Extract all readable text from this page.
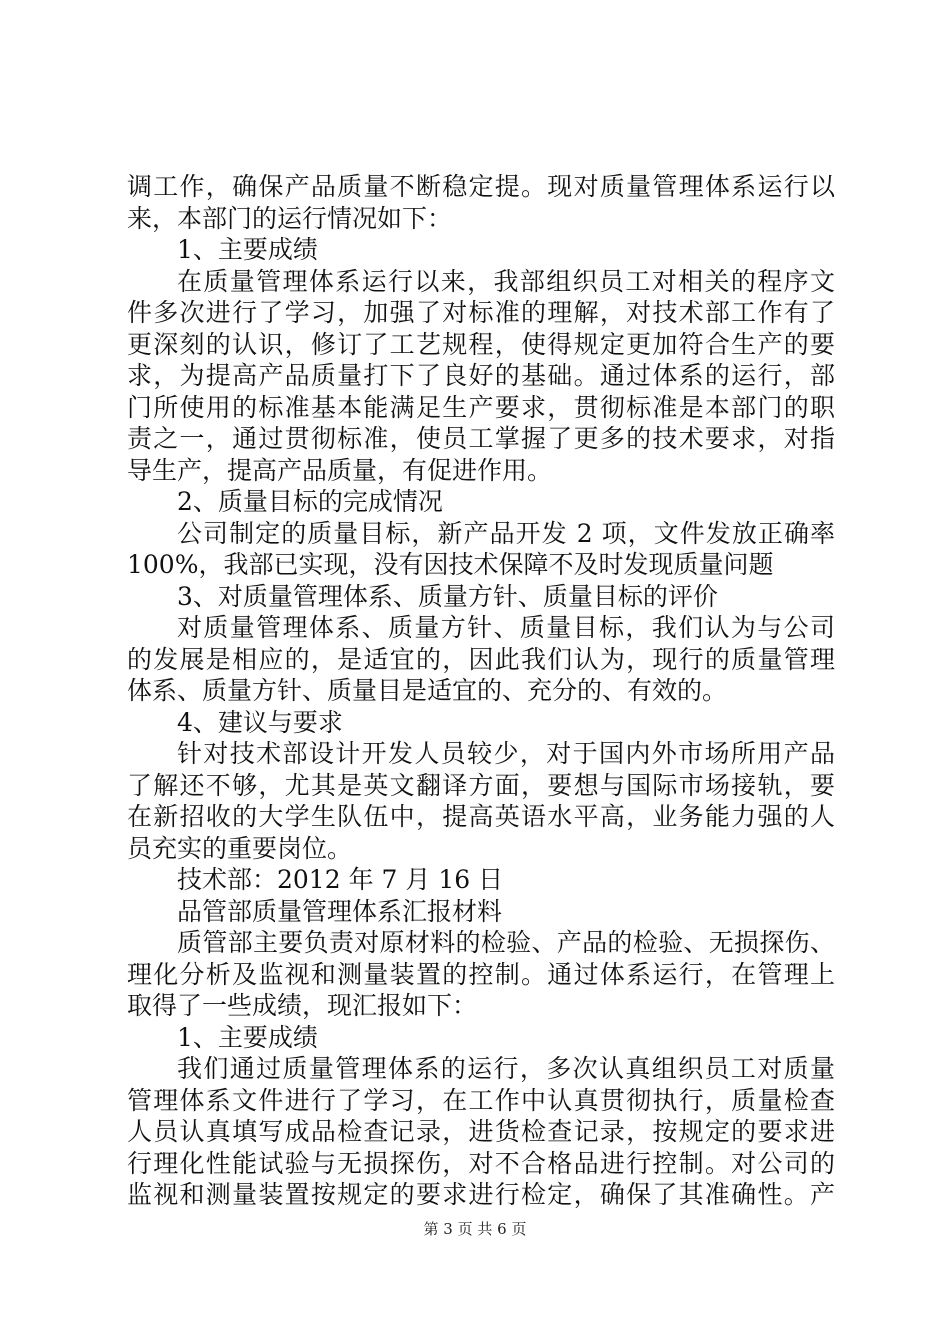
调工作，确保产品质量不断稳定提。现对质量管理体系运行以
来，本部门的运行情况如下：
1、主要成绩
在质量管理体系运行以来，我部组织员工对相关的程序文
件多次进行了学习，加强了对标准的理解，对技术部工作有了
更深刻的认识，修订了工艺规程，使得规定更加符合生产的要
求，为提高产品质量打下了良好的基础。通过体系的运行，部
门所使用的标准基本能满足生产要求，贯彻标准是本部门的职
责之一，通过贯彻标准，使员工掌握了更多的技术要求，对指
导生产，提高产品质量，有促进作用。
2、质量目标的完成情况
公司制定的质量目标，新产品开发 2 项，文件发放正确率
100%，我部已实现，没有因技术保障不及时发现质量问题
3、对质量管理体系、质量方针、质量目标的评价
对质量管理体系、质量方针、质量目标，我们认为与公司
的发展是相应的，是适宜的，因此我们认为，现行的质量管理
体系、质量方针、质量目是适宜的、充分的、有效的。
4、建议与要求
针对技术部设计开发人员较少，对于国内外市场所用产品
了解还不够，尤其是英文翻译方面，要想与国际市场接轨，要
在新招收的大学生队伍中，提高英语水平高，业务能力强的人
员充实的重要岗位。
技术部：2012 年 7 月 16 日
品管部质量管理体系汇报材料
质管部主要负责对原材料的检验、产品的检验、无损探伤、
理化分析及监视和测量装置的控制。通过体系运行，在管理上
取得了一些成绩，现汇报如下：
1、主要成绩
我们通过质量管理体系的运行，多次认真组织员工对质量
管理体系文件进行了学习，在工作中认真贯彻执行，质量检查
人员认真填写成品检查记录，进货检查记录，按规定的要求进
行理化性能试验与无损探伤，对不合格品进行控制。对公司的
监视和测量装置按规定的要求进行检定，确保了其准确性。产
第 3 页 共 6 页
